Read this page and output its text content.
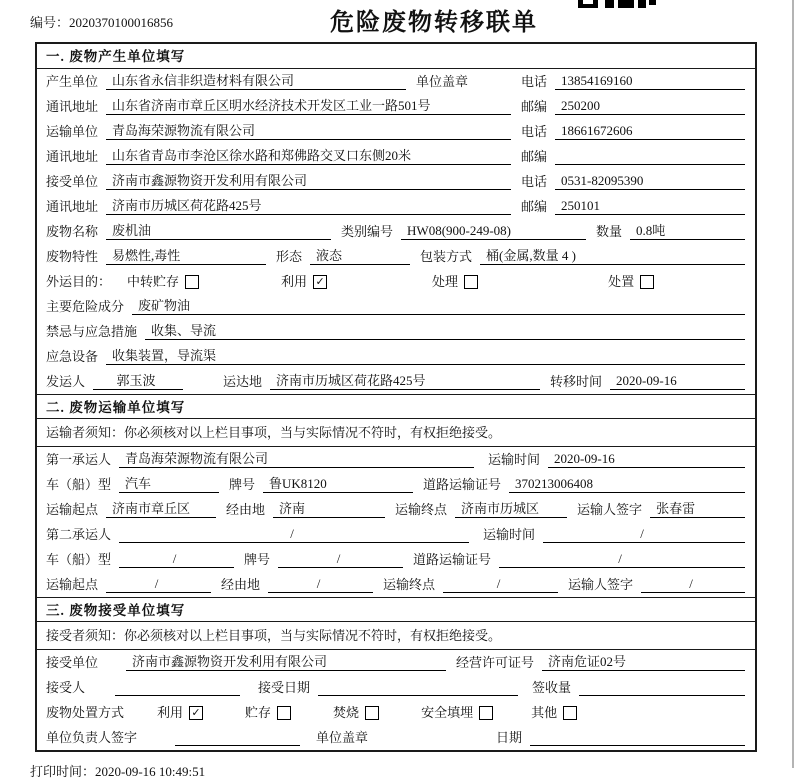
编号：2020370100016856	危险废物转移联单
一. 废物产生单位填写
产生单位	山东省永信非织造材料有限公司	单位盖章	电话	13854169160
通讯地址	山东省济南市章丘区明水经济技术开发区工业一路501号	邮编	250200
运输单位	青岛海荣源物流有限公司	电话	18661672606
通讯地址	山东省青岛市李沧区徐水路和郑佛路交叉口东侧20米	邮编
接受单位	济南市鑫源物资开发利用有限公司	电话	0531-82095390
通讯地址	济南市历城区荷花路425号	邮编	250101
废物名称	废机油	类别编号	HW08(900-249-08)	数量	0.8吨
废物特性	易燃性,毒性	形态	液态	包装方式	桶(金属,数量 4 )
外运目的： 中转贮存	利用 ✓	处理	处置
主要危险成分	废矿物油
禁忌与应急措施	收集、导流
应急设备	收集装置，导流渠
发运人	郭玉波	运达地	济南市历城区荷花路425号	转移时间	2020-09-16
二. 废物运输单位填写
运输者须知：你必须核对以上栏目事项，当与实际情况不符时，有权拒绝接受。
第一承运人	青岛海荣源物流有限公司	运输时间	2020-09-16
车（船）型	汽车	牌号	鲁UK8120	道路运输证号	370213006408
运输起点	济南市章丘区	经由地	济南	运输终点	济南市历城区	运输人签字	张春雷
第二承运人	/	运输时间	/
车（船）型	/	牌号	/	道路运输证号	/
运输起点	/	经由地	/	运输终点	/	运输人签字	/
三. 废物接受单位填写
接受者须知：你必须核对以上栏目事项，当与实际情况不符时，有权拒绝接受。
接受单位	济南市鑫源物资开发利用有限公司	经营许可证号	济南危证02号
接受人	接受日期	签收量
废物处置方式	利用 ✓	贮存	焚烧	安全填埋	其他
单位负责人签字	单位盖章	日期
打印时间：2020-09-16 10:49:51
